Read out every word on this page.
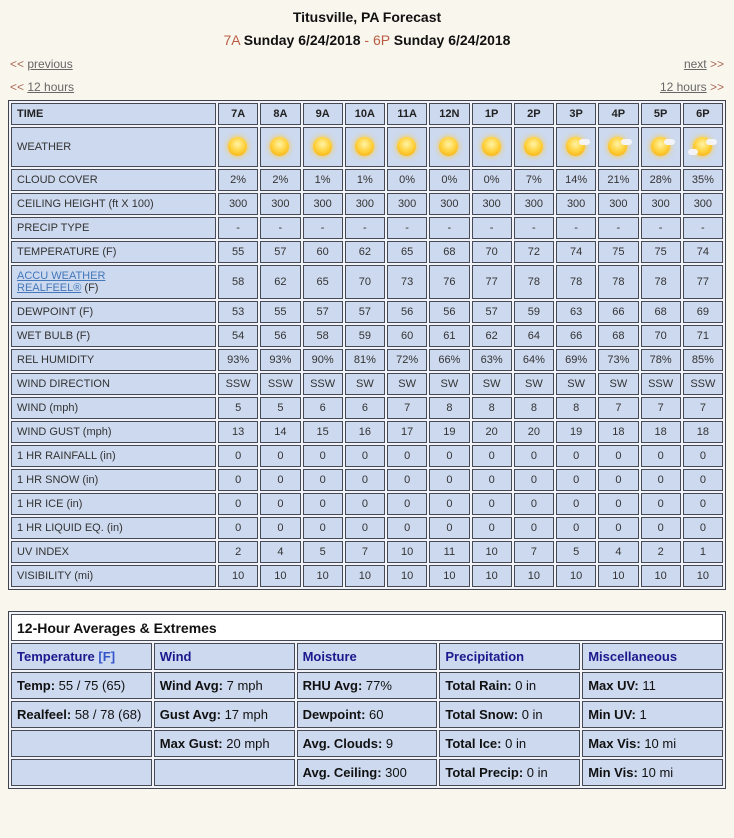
Titusville, PA Forecast
7A Sunday 6/24/2018 - 6P Sunday 6/24/2018
<< previous	next >>
<< 12 hours	12 hours >>
TIME	7A	8A	9A	10A	11A	12N	1P	2P	3P	4P	5P	6P
WEATHER	

CLOUD COVER	2%	2%	1%	1%	0%	0%	0%	7%	14%	21%	28%	35%
CEILING HEIGHT (ft X 100)	300	300	300	300	300	300	300	300	300	300	300	300
PRECIP TYPE	-	-	-	-	-	-	-	-	-	-	-	-
TEMPERATURE (F)	55	57	60	62	65	68	70	72	74	75	75	74
ACCU WEATHER
REALFEEL® (F)	58	62	65	70	73	76	77	78	78	78	78	77
DEWPOINT (F)	53	55	57	57	56	56	57	59	63	66	68	69
WET BULB (F)	54	56	58	59	60	61	62	64	66	68	70	71
REL HUMIDITY	93%	93%	90%	81%	72%	66%	63%	64%	69%	73%	78%	85%
WIND DIRECTION	SSW	SSW	SSW	SW	SW	SW	SW	SW	SW	SW	SSW	SSW
WIND (mph)	5	5	6	6	7	8	8	8	8	7	7	7
WIND GUST (mph)	13	14	15	16	17	19	20	20	19	18	18	18
1 HR RAINFALL (in)	0	0	0	0	0	0	0	0	0	0	0	0
1 HR SNOW (in)	0	0	0	0	0	0	0	0	0	0	0	0
1 HR ICE (in)	0	0	0	0	0	0	0	0	0	0	0	0
1 HR LIQUID EQ. (in)	0	0	0	0	0	0	0	0	0	0	0	0
UV INDEX	2	4	5	7	10	11	10	7	5	4	2	1
VISIBILITY (mi)	10	10	10	10	10	10	10	10	10	10	10	10
12-Hour Averages & Extremes				
Temperature [F]	Wind	Moisture	Precipitation	Miscellaneous
Temp: 55 / 75 (65)	Wind Avg: 7 mph	RHU Avg: 77%	Total Rain: 0 in	Max UV: 11
Realfeel: 58 / 78 (68)	Gust Avg: 17 mph	Dewpoint: 60	Total Snow: 0 in	Min UV: 1
	Max Gust: 20 mph	Avg. Clouds: 9	Total Ice: 0 in	Max Vis: 10 mi
		Avg. Ceiling: 300	Total Precip: 0 in	Min Vis: 10 mi
